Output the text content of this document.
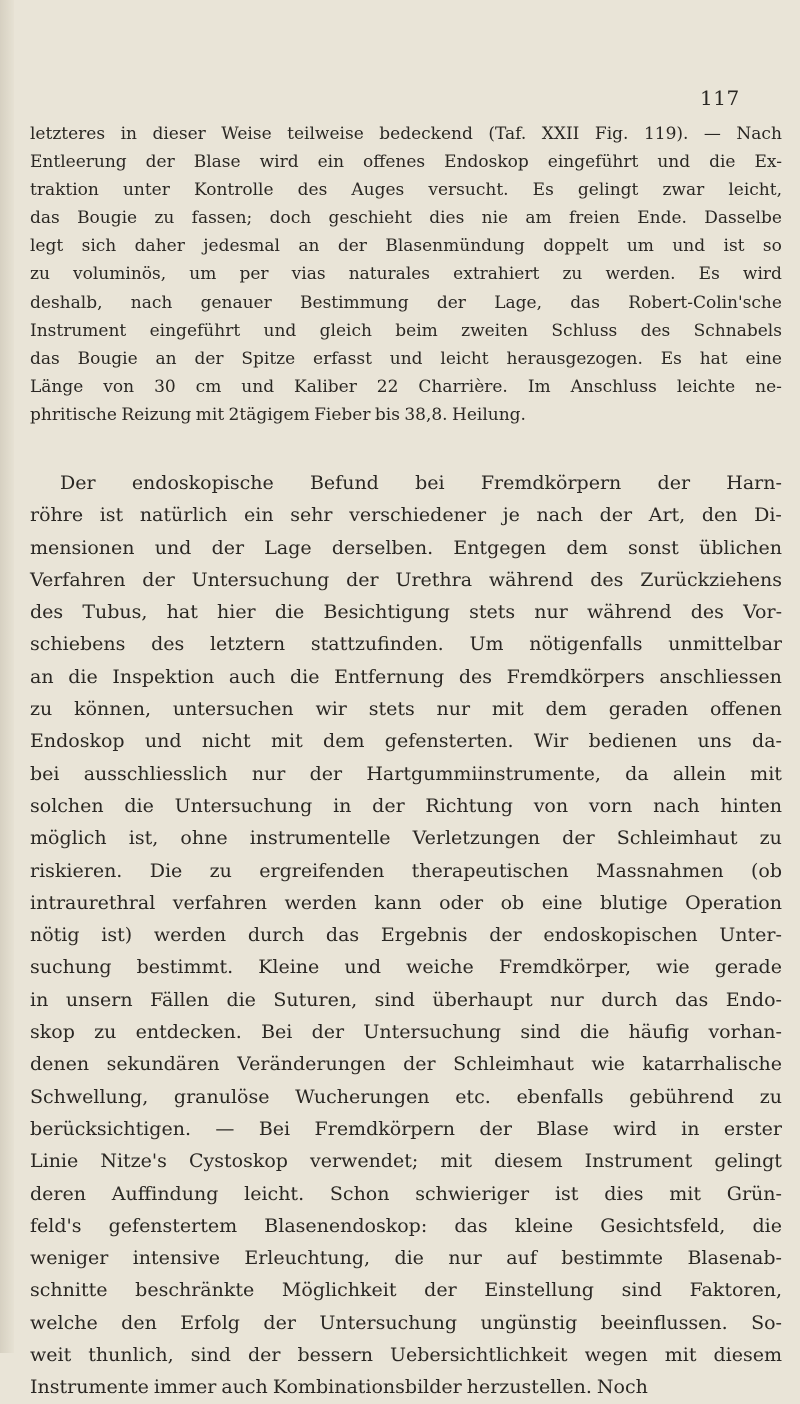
117
letzteres in dieser Weise teilweise bedeckend (Taf. XXII Fig. 119). — Nach
Entleerung der Blase wird ein offenes Endoskop eingeführt und die Ex-
traktion unter Kontrolle des Auges versucht. Es gelingt zwar leicht,
das Bougie zu fassen; doch geschieht dies nie am freien Ende. Dasselbe
legt sich daher jedesmal an der Blasenmündung doppelt um und ist so
zu voluminös, um per vias naturales extrahiert zu werden. Es wird
deshalb, nach genauer Bestimmung der Lage, das Robert-Colin'sche
Instrument eingeführt und gleich beim zweiten Schluss des Schnabels
das Bougie an der Spitze erfasst und leicht herausgezogen. Es hat eine
Länge von 30 cm und Kaliber 22 Charrière. Im Anschluss leichte ne-
phritische Reizung mit 2tägigem Fieber bis 38,8. Heilung.
Der endoskopische Befund bei Fremdkörpern der Harn-
röhre ist natürlich ein sehr verschiedener je nach der Art, den Di-
mensionen und der Lage derselben. Entgegen dem sonst üblichen
Verfahren der Untersuchung der Urethra während des Zurückziehens
des Tubus, hat hier die Besichtigung stets nur während des Vor-
schiebens des letztern stattzufinden. Um nötigenfalls unmittelbar
an die Inspektion auch die Entfernung des Fremdkörpers anschliessen
zu können, untersuchen wir stets nur mit dem geraden offenen
Endoskop und nicht mit dem gefensterten. Wir bedienen uns da-
bei ausschliesslich nur der Hartgummiinstrumente, da allein mit
solchen die Untersuchung in der Richtung von vorn nach hinten
möglich ist, ohne instrumentelle Verletzungen der Schleimhaut zu
riskieren. Die zu ergreifenden therapeutischen Massnahmen (ob
intraurethral verfahren werden kann oder ob eine blutige Operation
nötig ist) werden durch das Ergebnis der endoskopischen Unter-
suchung bestimmt. Kleine und weiche Fremdkörper, wie gerade
in unsern Fällen die Suturen, sind überhaupt nur durch das Endo-
skop zu entdecken. Bei der Untersuchung sind die häufig vorhan-
denen sekundären Veränderungen der Schleimhaut wie katarrhalische
Schwellung, granulöse Wucherungen etc. ebenfalls gebührend zu
berücksichtigen. — Bei Fremdkörpern der Blase wird in erster
Linie Nitze's Cystoskop verwendet; mit diesem Instrument gelingt
deren Auffindung leicht. Schon schwieriger ist dies mit Grün-
feld's gefenstertem Blasenendoskop: das kleine Gesichtsfeld, die
weniger intensive Erleuchtung, die nur auf bestimmte Blasenab-
schnitte beschränkte Möglichkeit der Einstellung sind Faktoren,
welche den Erfolg der Untersuchung ungünstig beeinflussen. So-
weit thunlich, sind der bessern Uebersichtlichkeit wegen mit diesem
Instrumente immer auch Kombinationsbilder herzustellen. Noch
